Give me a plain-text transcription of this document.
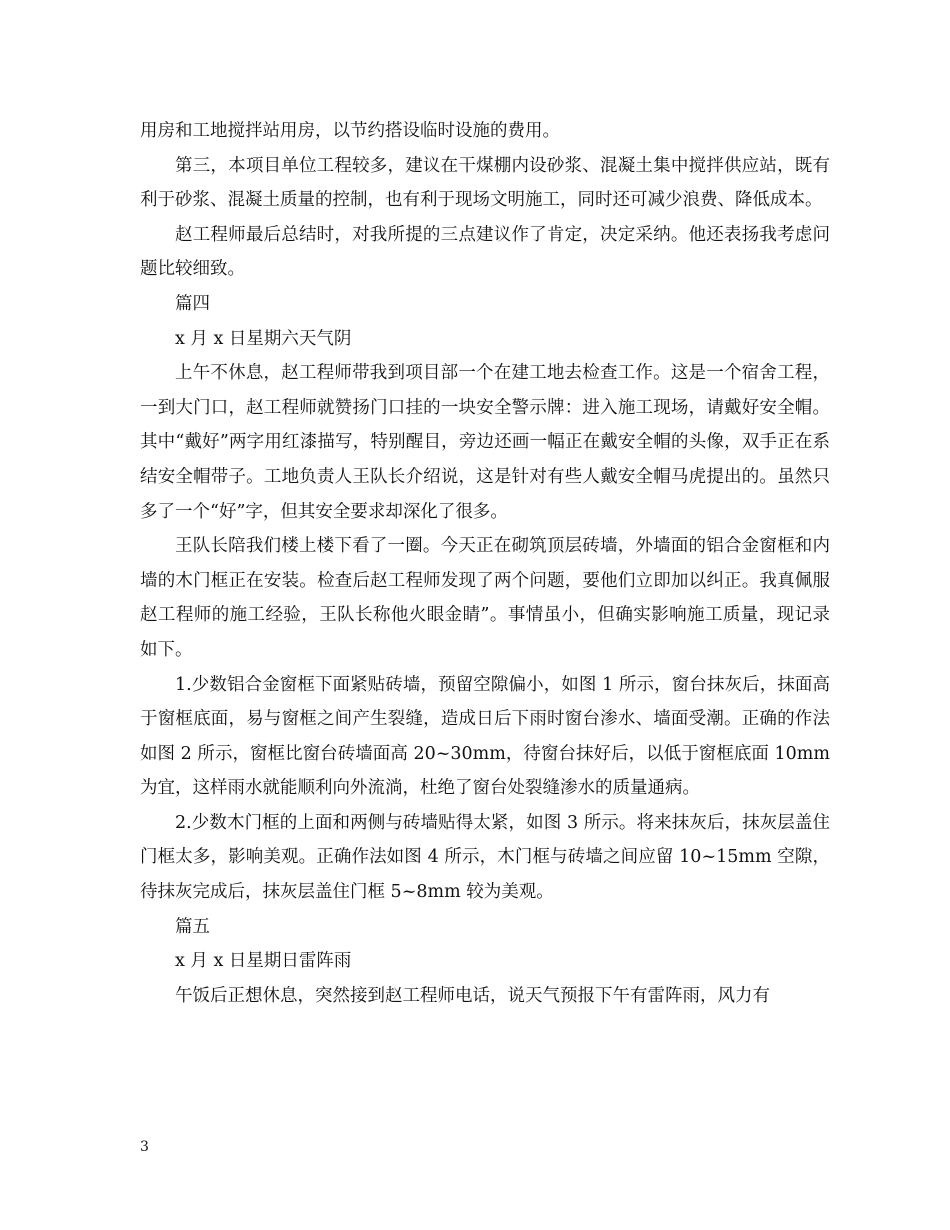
用房和工地搅拌站用房，以节约搭设临时设施的费用。

第三，本项目单位工程较多，建议在干煤棚内设砂浆、混凝土集中搅拌供应站，既有利于砂浆、混凝土质量的控制，也有利于现场文明施工，同时还可减少浪费、降低成本。

赵工程师最后总结时，对我所提的三点建议作了肯定，决定采纳。他还表扬我考虑问题比较细致。

篇四

x 月 x 日星期六天气阴

上午不休息，赵工程师带我到项目部一个在建工地去检查工作。这是一个宿舍工程，一到大门口，赵工程师就赞扬门口挂的一块安全警示牌：进入施工现场，请戴好安全帽。其中“戴好”两字用红漆描写，特别醒目，旁边还画一幅正在戴安全帽的头像，双手正在系结安全帽带子。工地负责人王队长介绍说，这是针对有些人戴安全帽马虎提出的。虽然只多了一个“好”字，但其安全要求却深化了很多。

王队长陪我们楼上楼下看了一圈。今天正在砌筑顶层砖墙，外墙面的铝合金窗框和内墙的木门框正在安装。检查后赵工程师发现了两个问题，要他们立即加以纠正。我真佩服赵工程师的施工经验，王队长称他火眼金睛”。事情虽小，但确实影响施工质量，现记录如下。

1.少数铝合金窗框下面紧贴砖墙，预留空隙偏小，如图 1 所示，窗台抹灰后，抹面高于窗框底面，易与窗框之间产生裂缝，造成日后下雨时窗台渗水、墙面受潮。正确的作法如图 2 所示，窗框比窗台砖墙面高 20~30mm，待窗台抹好后，以低于窗框底面 10mm 为宜，这样雨水就能顺利向外流淌，杜绝了窗台处裂缝渗水的质量通病。

2.少数木门框的上面和两侧与砖墙贴得太紧，如图 3 所示。将来抹灰后，抹灰层盖住门框太多，影响美观。正确作法如图 4 所示，木门框与砖墙之间应留 10~15mm 空隙，待抹灰完成后，抹灰层盖住门框 5~8mm 较为美观。

篇五

x 月 x 日星期日雷阵雨

午饭后正想休息，突然接到赵工程师电话，说天气预报下午有雷阵雨，风力有

3
